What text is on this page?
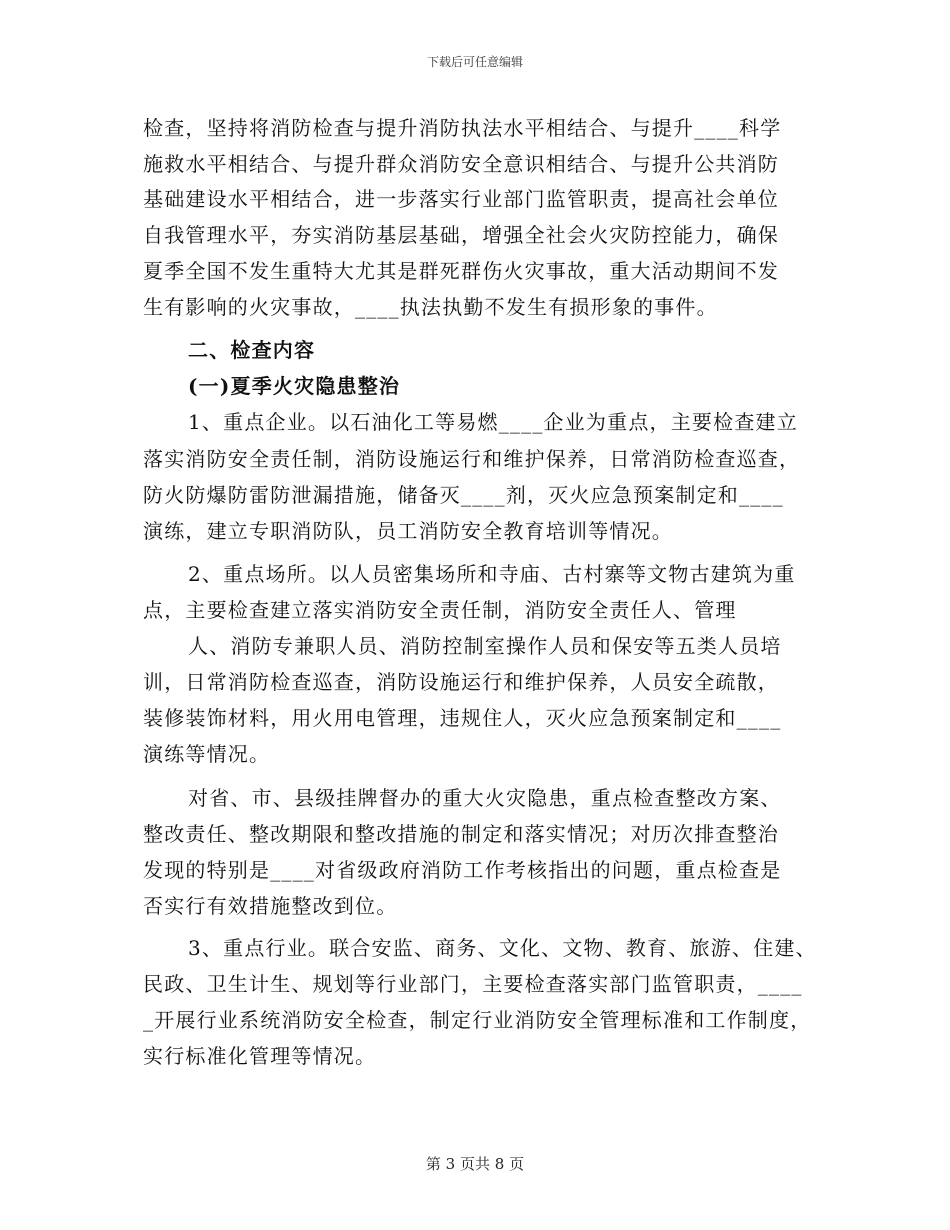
下载后可任意编辑
检查，坚持将消防检查与提升消防执法水平相结合、与提升____科学
施救水平相结合、与提升群众消防安全意识相结合、与提升公共消防
基础建设水平相结合，进一步落实行业部门监管职责，提高社会单位
自我管理水平，夯实消防基层基础，增强全社会火灾防控能力，确保
夏季全国不发生重特大尤其是群死群伤火灾事故，重大活动期间不发
生有影响的火灾事故，____执法执勤不发生有损形象的事件。
二、检查内容
(一)夏季火灾隐患整治
1、重点企业。以石油化工等易燃____企业为重点，主要检查建立
落实消防安全责任制，消防设施运行和维护保养，日常消防检查巡查，
防火防爆防雷防泄漏措施，储备灭____剂，灭火应急预案制定和____
演练，建立专职消防队，员工消防安全教育培训等情况。
2、重点场所。以人员密集场所和寺庙、古村寨等文物古建筑为重
点，主要检查建立落实消防安全责任制，消防安全责任人、管理
人、消防专兼职人员、消防控制室操作人员和保安等五类人员培
训，日常消防检查巡查，消防设施运行和维护保养，人员安全疏散，
装修装饰材料，用火用电管理，违规住人，灭火应急预案制定和____
演练等情况。
对省、市、县级挂牌督办的重大火灾隐患，重点检查整改方案、
整改责任、整改期限和整改措施的制定和落实情况；对历次排查整治
发现的特别是____对省级政府消防工作考核指出的问题，重点检查是
否实行有效措施整改到位。
3、重点行业。联合安监、商务、文化、文物、教育、旅游、住建、
民政、卫生计生、规划等行业部门，主要检查落实部门监管职责，____
_开展行业系统消防安全检查，制定行业消防安全管理标准和工作制度，
实行标准化管理等情况。
第 3 页共 8 页
